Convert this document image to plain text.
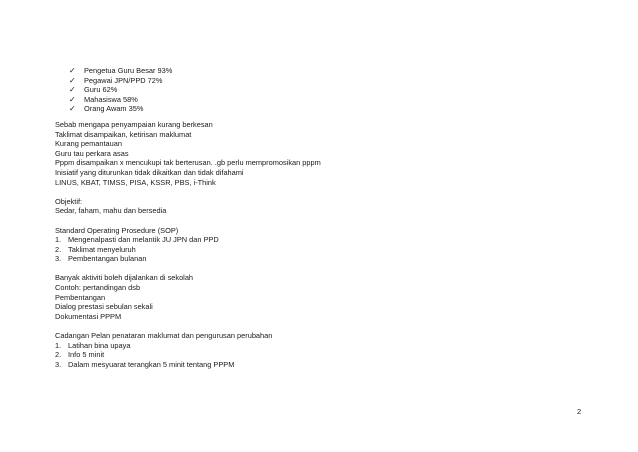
✓	Pengetua Guru Besar 93%
✓	Pegawai JPN/PPD 72%
✓	Guru 62%
✓	Mahasiswa 58%
✓	Orang Awam 35%
Sebab mengapa penyampaian kurang berkesan
Taklimat disampaikan, ketirisan maklumat
Kurang pemantauan
Guru tau perkara asas
Pppm disampaikan x mencukupi tak berterusan. .gb perlu mempromosikan pppm
Inisiatif yang diturunkan tidak dikaitkan dan tidak difahami
LINUS, KBAT, TIMSS, PISA, KSSR, PBS, i-Think
Objektif:
Sedar, faham, mahu dan bersedia
Standard Operating Prosedure (SOP)
1. Mengenalpasti dan melantik JU JPN dan PPD
2. Taklimat menyeluruh
3. Pembentangan bulanan
Banyak aktiviti boleh dijalankan di sekolah
Contoh: pertandingan dsb
Pembentangan
Dialog prestasi sebulan sekali
Dokumentasi PPPM
Cadangan Pelan penataran maklumat dan pengurusan perubahan
1. Latihan bina upaya
2. Info 5 minit
3. Dalam mesyuarat terangkan 5 minit tentang PPPM
2
